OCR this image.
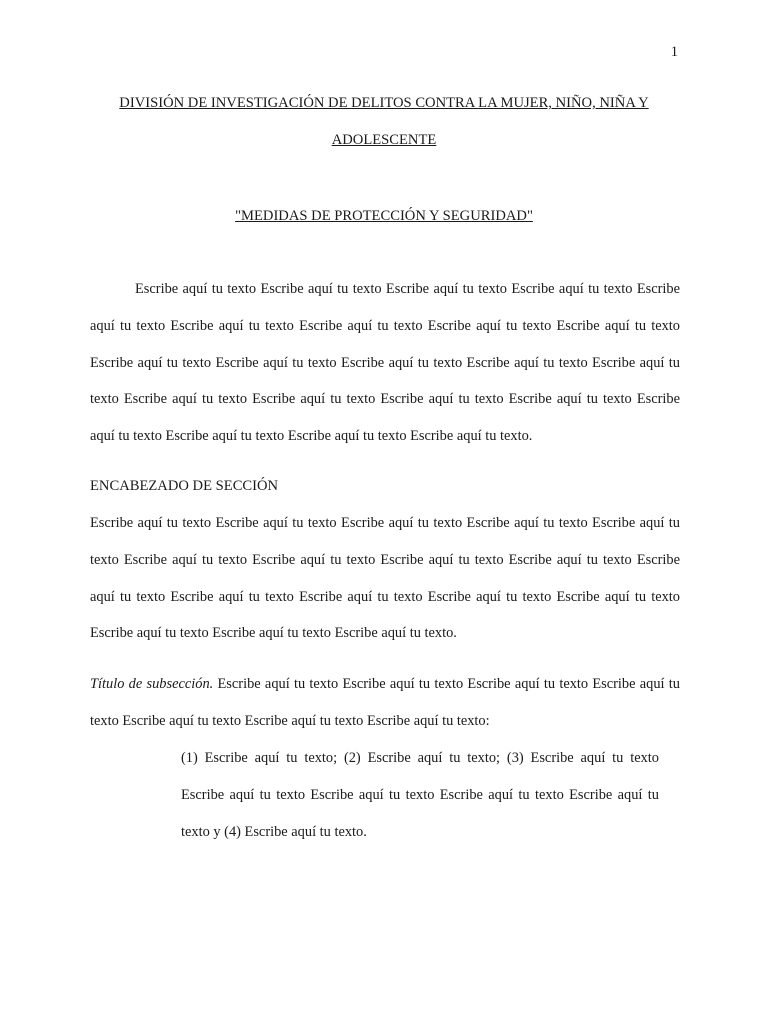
1
DIVISIÓN DE INVESTIGACIÓN DE DELITOS CONTRA LA MUJER, NIÑO, NIÑA Y ADOLESCENTE
"MEDIDAS DE PROTECCIÓN Y SEGURIDAD"

Escribe aquí tu texto Escribe aquí tu texto Escribe aquí tu texto Escribe aquí tu texto Escribe aquí tu texto Escribe aquí tu texto Escribe aquí tu texto Escribe aquí tu texto Escribe aquí tu texto Escribe aquí tu texto Escribe aquí tu texto Escribe aquí tu texto Escribe aquí tu texto Escribe aquí tu texto Escribe aquí tu texto Escribe aquí tu texto Escribe aquí tu texto Escribe aquí tu texto Escribe aquí tu texto Escribe aquí tu texto Escribe aquí tu texto Escribe aquí tu texto.

ENCABEZADO DE SECCIÓN

Escribe aquí tu texto Escribe aquí tu texto Escribe aquí tu texto Escribe aquí tu texto Escribe aquí tu texto Escribe aquí tu texto Escribe aquí tu texto Escribe aquí tu texto Escribe aquí tu texto Escribe aquí tu texto Escribe aquí tu texto Escribe aquí tu texto Escribe aquí tu texto Escribe aquí tu texto Escribe aquí tu texto Escribe aquí tu texto Escribe aquí tu texto.

Título de subsección. Escribe aquí tu texto Escribe aquí tu texto Escribe aquí tu texto Escribe aquí tu texto Escribe aquí tu texto Escribe aquí tu texto Escribe aquí tu texto:

(1) Escribe aquí tu texto; (2) Escribe aquí tu texto; (3) Escribe aquí tu texto Escribe aquí tu texto Escribe aquí tu texto Escribe aquí tu texto Escribe aquí tu texto y (4) Escribe aquí tu texto.
